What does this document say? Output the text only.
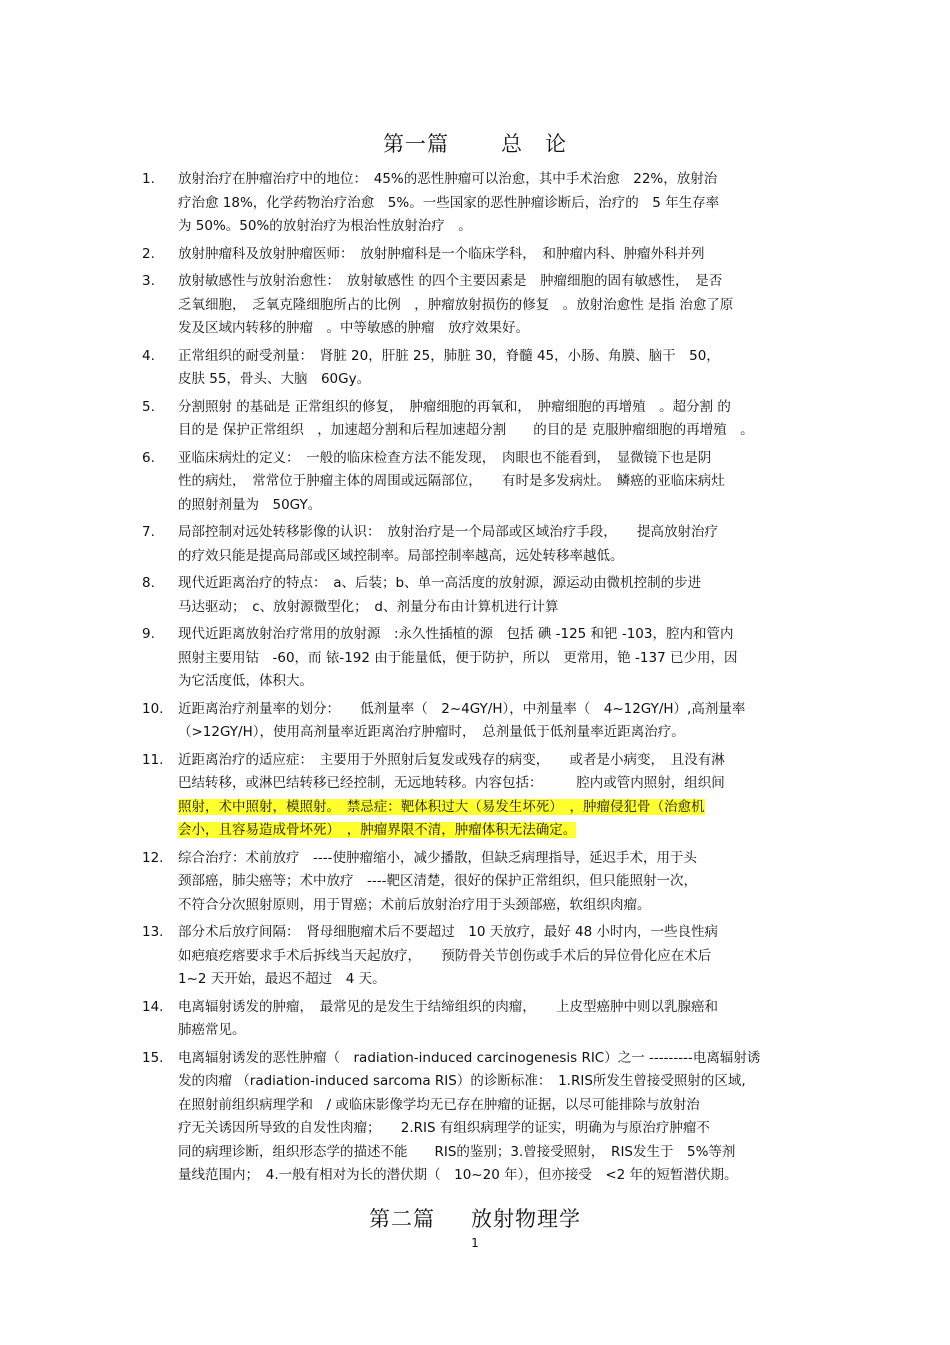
第一篇 总　论
1.	放射治疗在肿瘤治疗中的地位：　45%的恶性肿瘤可以治愈，其中手术治愈　22%，放射治
疗治愈 18%，化学药物治疗治愈　5%。一些国家的恶性肿瘤诊断后，治疗的　5 年生存率
为 50%。50%的放射治疗为根治性放射治疗　。
2.	放射肿瘤科及放射肿瘤医师：　放射肿瘤科是一个临床学科，　和肿瘤内科、肿瘤外科并列
3.	放射敏感性与放射治愈性：　放射敏感性 的四个主要因素是　肿瘤细胞的固有敏感性，　是否
乏氧细胞，　乏氧克隆细胞所占的比例　，肿瘤放射损伤的修复　。放射治愈性 是指 治愈了原
发及区域内转移的肿瘤　。中等敏感的肿瘤　放疗效果好。
4.	正常组织的耐受剂量：　肾脏 20，肝脏 25，肺脏 30，脊髓 45，小肠、角膜、脑干　50，
皮肤 55，骨头、大脑　60Gy。
5.	分割照射 的基础是 正常组织的修复，　肿瘤细胞的再氧和，　肿瘤细胞的再增殖　。超分割 的
目的是 保护正常组织　，加速超分割和后程加速超分割　　的目的是 克服肿瘤细胞的再增殖　。
6.	亚临床病灶的定义：　一般的临床检查方法不能发现，　肉眼也不能看到，　显微镜下也是阴
性的病灶，　常常位于肿瘤主体的周围或远隔部位，　　有时是多发病灶。　鳞癌的亚临床病灶
的照射剂量为　50GY。
7.	局部控制对远处转移影像的认识：　放射治疗是一个局部或区域治疗手段，　　提高放射治疗
的疗效只能是提高局部或区域控制率。局部控制率越高，远处转移率越低。
8.	现代近距离治疗的特点：　a、后装；b、单一高活度的放射源，源运动由微机控制的步进
马达驱动；　c、放射源微型化；　d、剂量分布由计算机进行计算
9.	现代近距离放射治疗常用的放射源　:永久性插植的源　包括 碘 -125 和钯 -103，腔内和管内
照射主要用钴　-60，而 铱-192 由于能量低，便于防护，所以　更常用，铯 -137 已少用，因
为它活度低，体积大。
10.	近距离治疗剂量率的划分：　　低剂量率（　2~4GY/H），中剂量率（　4~12GY/H）,高剂量率
（>12GY/H），使用高剂量率近距离治疗肿瘤时，　总剂量低于低剂量率近距离治疗。
11.	近距离治疗的适应症：　主要用于外照射后复发或残存的病变，　　或者是小病变，　且没有淋
巴结转移，或淋巴结转移已经控制，无远地转移。内容包括：　　　腔内或管内照射，组织间
照射，术中照射，模照射。　禁忌症：靶体积过大（易发生坏死）　，肿瘤侵犯骨（治愈机
会小，且容易造成骨坏死）　，肿瘤界限不清，肿瘤体积无法确定。
12.	综合治疗：术前放疗　----使肿瘤缩小，减少播散，但缺乏病理指导，延迟手术，用于头
颈部癌，肺尖癌等；术中放疗　----靶区清楚，很好的保护正常组织，但只能照射一次，
不符合分次照射原则，用于胃癌；术前后放射治疗用于头颈部癌，软组织肉瘤。
13.	部分术后放疗间隔：　肾母细胞瘤术后不要超过　10 天放疗，最好 48 小时内，一些良性病
如疤痕疙瘩要求手术后拆线当天起放疗，　　预防骨关节创伤或手术后的异位骨化应在术后
1~2 天开始，最迟不超过　4 天。
14.	电离辐射诱发的肿瘤，　最常见的是发生于结缔组织的肉瘤，　　上皮型癌肿中则以乳腺癌和
肺癌常见。
15.	电离辐射诱发的恶性肿瘤（　radiation-induced carcinogenesis RIC）之一 ---------电离辐射诱
发的肉瘤 （radiation-induced sarcoma RIS）的诊断标准：　1.RIS所发生曾接受照射的区域,
在照射前组织病理学和　/ 或临床影像学均无已存在肿瘤的证据，以尽可能排除与放射治
疗无关诱因所导致的自发性肉瘤；　　2.RIS 有组织病理学的证实，明确为与原治疗肿瘤不
同的病理诊断，组织形态学的描述不能　　RIS的鉴别；3.曾接受照射，　RIS发生于　5%等剂
量线范围内；　4.一般有相对为长的潜伏期（　10~20 年），但亦接受　<2 年的短暂潜伏期。
第二篇 放射物理学
1
